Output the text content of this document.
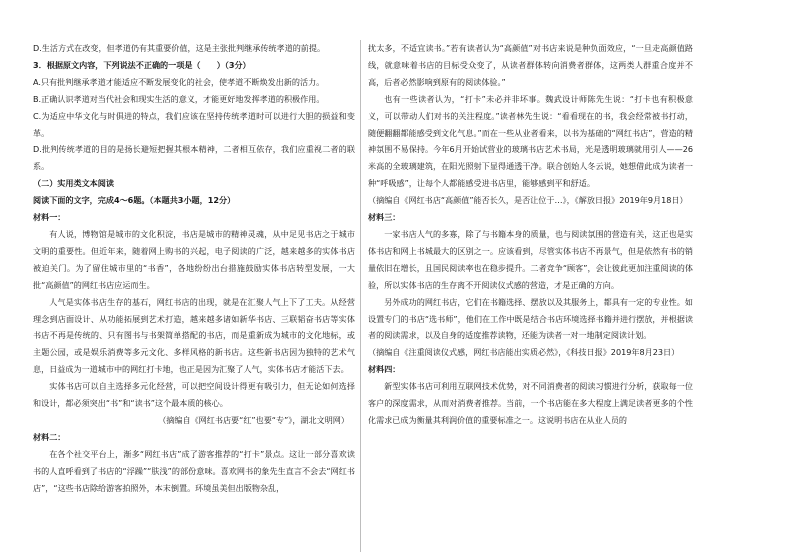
D.生活方式在改变，但孝道仍有其重要价值，这是主张批判继承传统孝道的前提。

3．根据原文内容，下列说法不正确的一项是（　　）（3分）

A.只有批判继承孝道才能适应不断发展变化的社会，使孝道不断焕发出新的活力。

B.正确认识孝道对当代社会和现实生活的意义，才能更好地发挥孝道的积极作用。

C.为适应中华文化与时俱进的特点，我们应该在坚持传统孝道时可以进行大胆的损益和变革。

D.批判传统孝道的目的是扬长避短把握其根本精神，二者相互依存，我们应重视二者的联系。

（二）实用类文本阅读

阅读下面的文字，完成4～6题。（本题共3小题，12分）

材料一：

有人说，博物馆是城市的文化积淀，书店是城市的精神灵魂，从中足见书店之于城市文明的重要性。但近年来，随着网上购书的兴起，电子阅读的广泛，越来越多的实体书店被迫关门。为了留住城市里的“书香”，各地纷纷出台措施鼓励实体书店转型发展，一大批“高颜值”的网红书店应运而生。

人气是实体书店生存的基石，网红书店的出现，就是在汇聚人气上下了工夫。从经营理念到店面设计、从功能拓展到艺术打造，越来越多诸如新华书店、三联韬奋书店等实体书店不再是传统的、只有图书与书架简单搭配的书店，而是重新成为城市的文化地标，或主题公园，或是娱乐消费等多元文化、多样风格的新书店。这些新书店因为独特的艺术气息，日益成为一道城市中的网红打卡地，也正是因为汇聚了人气，实体书店才能活下去。

实体书店可以自主选择多元化经营，可以把空间设计得更有吸引力，但无论如何选择和设计，都必须突出“书”和“读书”这个最本质的核心。

（摘编自《网红书店要“红”也要“专”》，湖北文明网）

材料二：

在各个社交平台上，渐多“网红书店”成了游客推荐的“打卡”景点。这让一部分喜欢读书的人直呼看到了书店的“浮躁”“肤浅”的部份意味。喜欢网书的象先生直言不会去“网红书店”，“这些书店除给游客拍照外，本末倒置。环境虽美但出版物杂乱，

扰太多，不适宜读书。”若有读者认为“高颜值”对书店来说是种负面效应，“一旦走高颜值路线，就意味着书店的目标受众变了，从读者群体转向消费者群体，这两类人群重合度并不高，后者必然影响到原有的阅读体验。”

也有一些读者认为，“打卡”未必并非坏事。魏武设计师陈先生说：“打卡也有积极意义，可以带动人们对书的关注程度。”读者林先生说：“看看现在的书，我会经常被书打动，随便翻翻都能感受到文化气息。”而在一些从业者看来，以书为基础的“网红书店”，营造的精神氛围不易保持。今年6月开始试营业的玻璃书店艺术书局，光是透明玻璃就用引人——26米高的全玻璃建筑，在阳光照射下显得通透干净。联合创始人冬云说，她想借此成为读者一种“呼吸感”，让每个人都能感受进书店里，能够感到平和舒适。

（摘编自《网红书店“高颜值”能否长久，是否让位于…》，《解放日报》2019年9月18日）

材料三：

一家书店人气的多寡，除了与书籍本身的质量，也与阅读氛围的营造有关，这正也是实体书店和网上书城最大的区别之一。应该看到，尽管实体书店不再景气，但是依然有书的销量依旧在增长，且国民阅读率也在稳步提升。二者竞争“顾客”，会让彼此更加注重阅读的体验，所以实体书店的生存离不开阅读仪式感的营造，才是正确的方向。

另外成功的网红书店，它们在书籍选择、摆放以及其服务上，都具有一定的专业性。如设置专门的书店“选书师”，他们在工作中既是结合书店环境选择书籍并进行摆放，并根据读者的阅读需求，以及自身的适度推荐读物，还能为读者一对一地制定阅读计划。

（摘编自《注重阅读仪式感，网红书店能出实质必然》，《科技日报》2019年8月23日）

材料四：

新型实体书店可利用互联网技术优势，对不同消费者的阅读习惯进行分析，获取每一位客户的深度需求，从而对消费者推荐。当前，一个书店能在多大程度上满足读者更多的个性化需求已成为衡量其利润价值的重要标准之一。这说明书店在从业人员的
